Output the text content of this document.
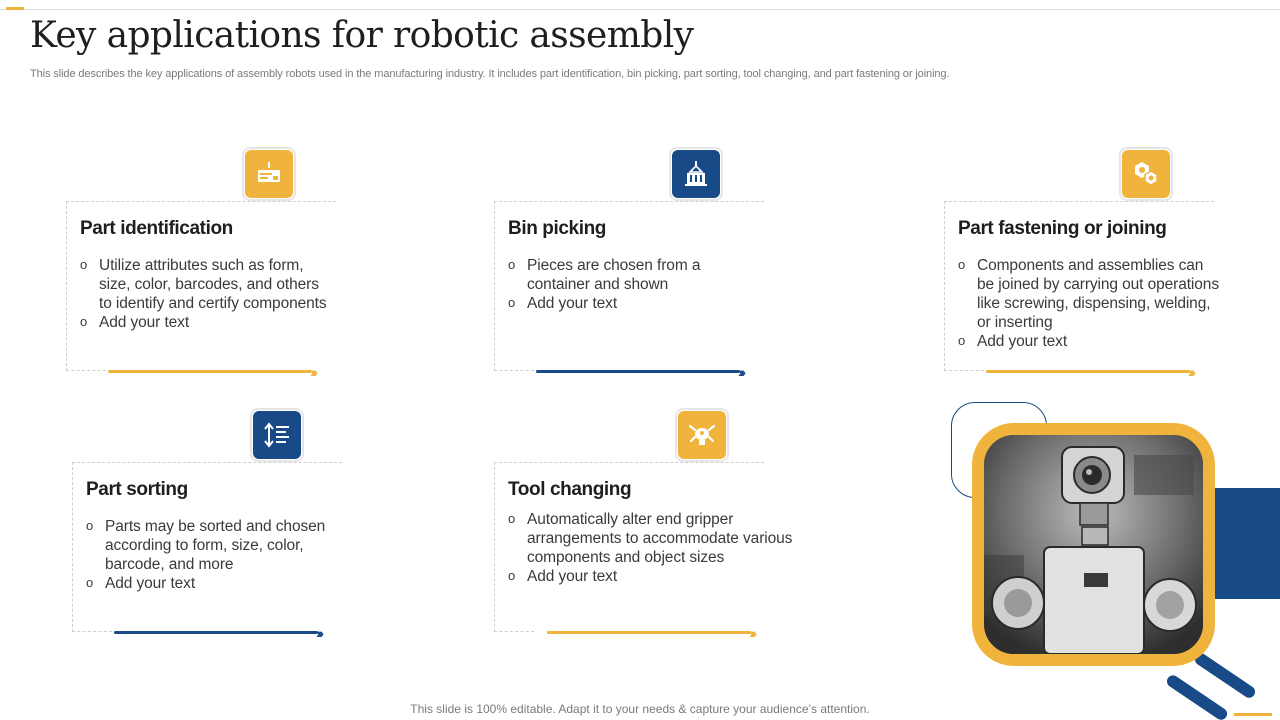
Key applications for robotic assembly
This slide describes the key applications of assembly robots used in the manufacturing industry. It includes part identification, bin picking, part sorting, tool changing, and part fastening or joining.
Part identification
o Utilize attributes such as form, size, color, barcodes, and others to identify and certify components
o Add your text
›››
Bin picking
o Pieces are chosen from a container and shown
o Add your text
›››
Part fastening or joining
o Components and assemblies can be joined by carrying out operations like screwing, dispensing, welding, or inserting
o Add your text
›››
Part sorting
o Parts may be sorted and chosen according to form, size, color, barcode, and more
o Add your text
›››
Tool changing
o Automatically alter end gripper arrangements to accommodate various components and object sizes
o Add your text
›››
This slide is 100% editable. Adapt it to your needs & capture your audience’s attention.
